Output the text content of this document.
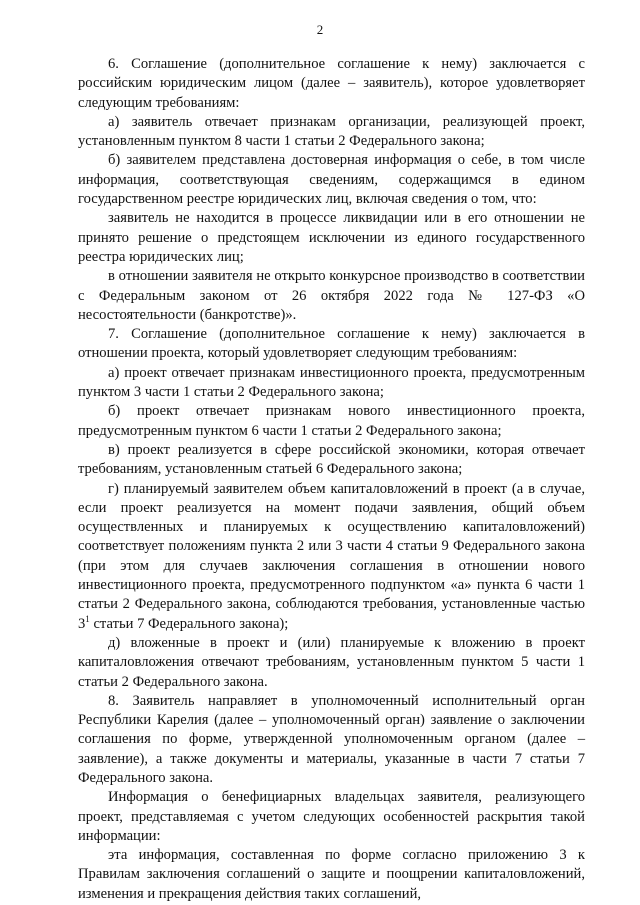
2

6. Соглашение (дополнительное соглашение к нему) заключается с российским юридическим лицом (далее – заявитель), которое удовлетворяет следующим требованиям:

а) заявитель отвечает признакам организации, реализующей проект, установленным пунктом 8 части 1 статьи 2 Федерального закона;

б) заявителем представлена достоверная информация о себе, в том числе информация, соответствующая сведениям, содержащимся в едином государственном реестре юридических лиц, включая сведения о том, что:

заявитель не находится в процессе ликвидации или в его отношении не принято решение о предстоящем исключении из единого государственного реестра юридических лиц;

в отношении заявителя не открыто конкурсное производство в соответствии с Федеральным законом от 26 октября 2022 года № 127-ФЗ «О несостоятельности (банкротстве)».

7. Соглашение (дополнительное соглашение к нему) заключается в отношении проекта, который удовлетворяет следующим требованиям:

а) проект отвечает признакам инвестиционного проекта, предусмотренным пунктом 3 части 1 статьи 2 Федерального закона;

б) проект отвечает признакам нового инвестиционного проекта, предусмотренным пунктом 6 части 1 статьи 2 Федерального закона;

в) проект реализуется в сфере российской экономики, которая отвечает требованиям, установленным статьей 6 Федерального закона;

г) планируемый заявителем объем капиталовложений в проект (а в случае, если проект реализуется на момент подачи заявления, общий объем осуществленных и планируемых к осуществлению капиталовложений) соответствует положениям пункта 2 или 3 части 4 статьи 9 Федерального закона (при этом для случаев заключения соглашения в отношении нового инвестиционного проекта, предусмотренного подпунктом «а» пункта 6 части 1 статьи 2 Федерального закона, соблюдаются требования, установленные частью $3^1$ статьи 7 Федерального закона);

д) вложенные в проект и (или) планируемые к вложению в проект капиталовложения отвечают требованиям, установленным пунктом 5 части 1 статьи 2 Федерального закона.

8. Заявитель направляет в уполномоченный исполнительный орган Республики Карелия (далее – уполномоченный орган) заявление о заключении соглашения по форме, утвержденной уполномоченным органом (далее – заявление), а также документы и материалы, указанные в части 7 статьи 7 Федерального закона.

Информация о бенефициарных владельцах заявителя, реализующего проект, представляемая с учетом следующих особенностей раскрытия такой информации:

эта информация, составленная по форме согласно приложению 3 к Правилам заключения соглашений о защите и поощрении капиталовложений, изменения и прекращения действия таких соглашений,
